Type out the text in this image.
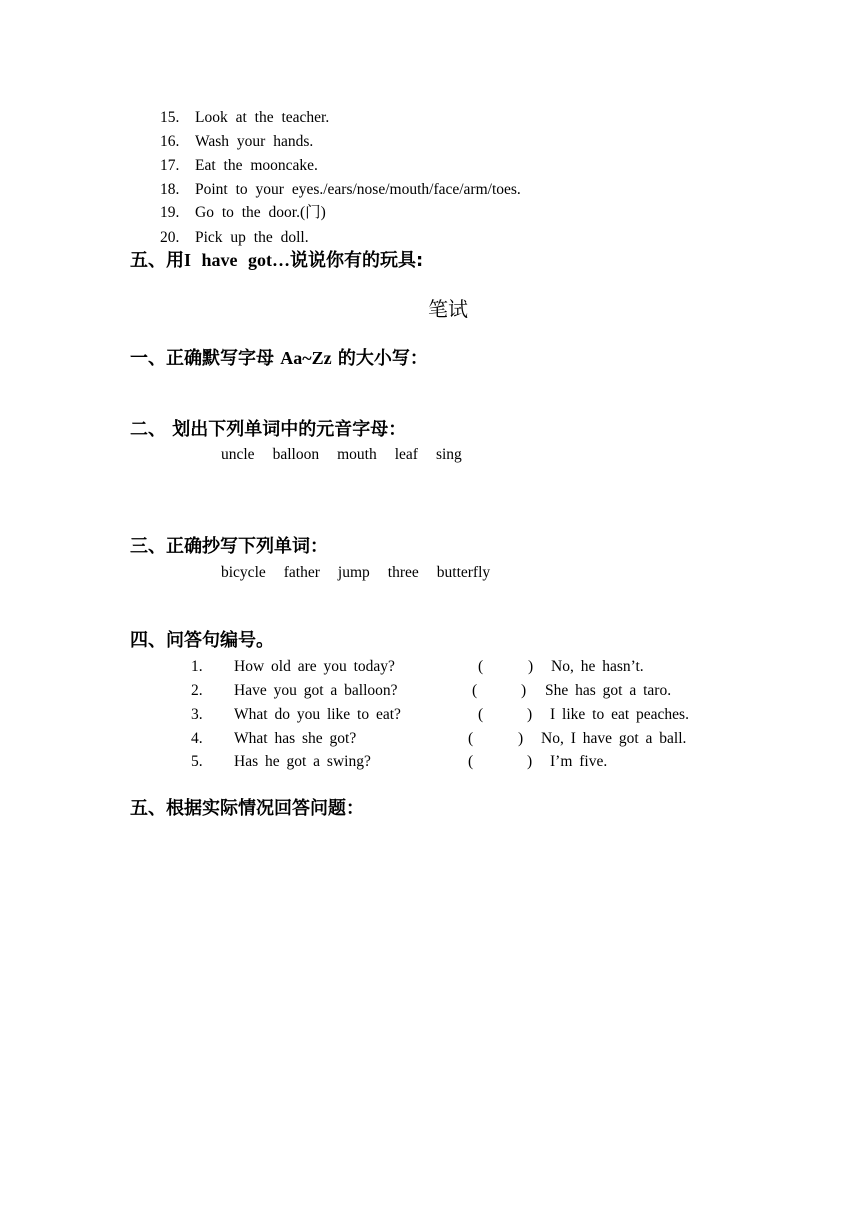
15. Look at the teacher.
16. Wash your hands.
17. Eat the mooncake.
18. Point to your eyes./ears/nose/mouth/face/arm/toes.
19. Go to the door.(门)
20. Pick up the doll.
五、用I have got…说说你有的玩具:
笔试
一、正确默写字母 Aa~Zz 的大小写：
二、 划出下列单词中的元音字母：
uncle balloon mouth leaf sing
三、正确抄写下列单词：
bicycle father jump three butterfly
四、问答句编号。
1. How old are you today?	(	) No, he hasn’t.
2. Have you got a balloon?	(	) She has got a taro.
3. What do you like to eat?	(	) I like to eat peaches.
4. What has she got?	(	) No, I have got a ball.
5. Has he got a swing?	(	) I’m five.
五、根据实际情况回答问题：
